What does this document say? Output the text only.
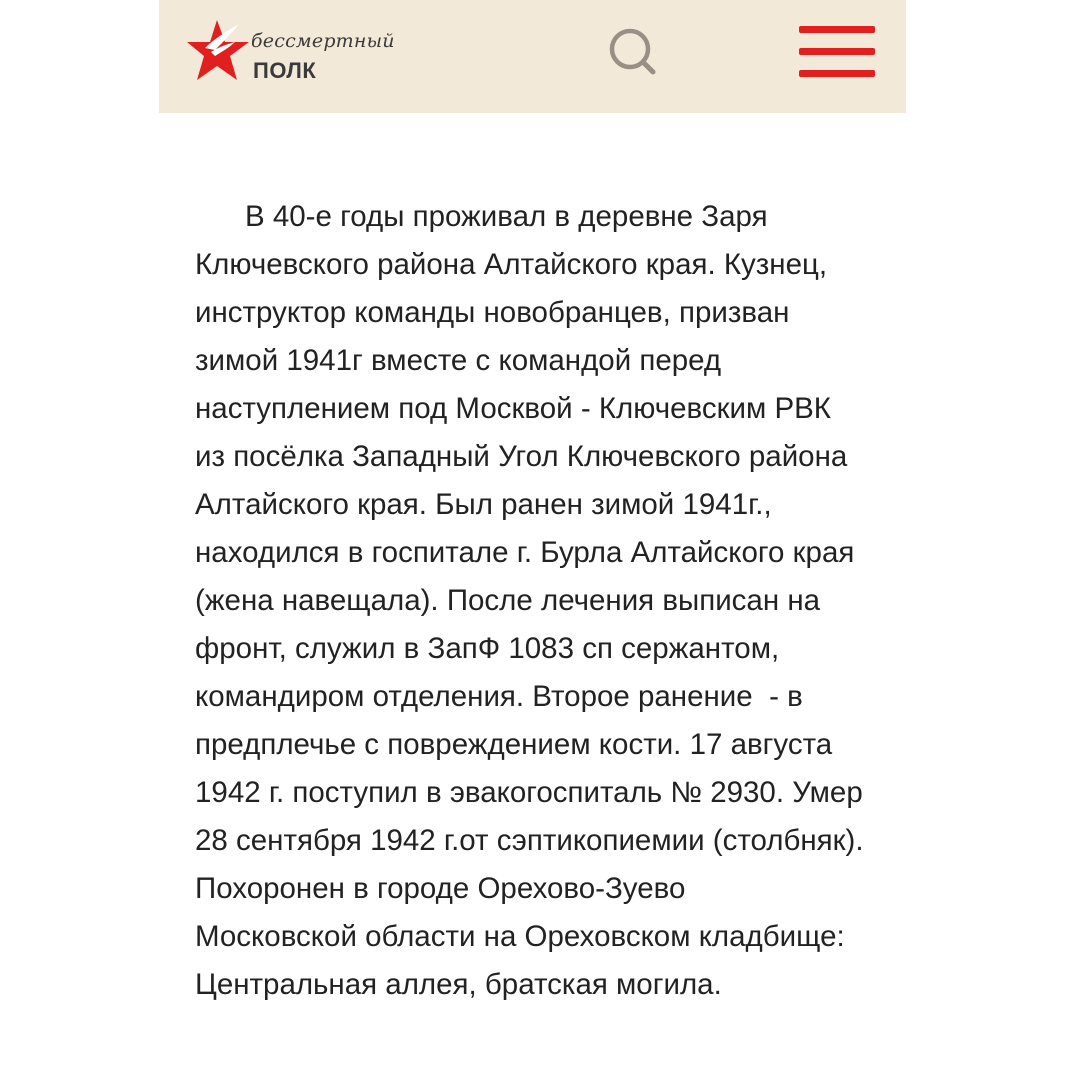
бессмертный
ПОЛК

В 40-е годы проживал в деревне Заря
Ключевского района Алтайского края. Кузнец,
инструктор команды новобранцев, призван
зимой 1941г вместе с командой перед
наступлением под Москвой - Ключевским РВК
из посёлка Западный Угол Ключевского района
Алтайского края. Был ранен зимой 1941г.,
находился в госпитале г. Бурла Алтайского края
(жена навещала). После лечения выписан на
фронт, служил в ЗапФ 1083 сп сержантом,
командиром отделения. Второе ранение  - в
предплечье с повреждением кости. 17 августа
1942 г. поступил в эвакогоспиталь № 2930. Умер
28 сентября 1942 г.от сэптикопиемии (столбняк).
Похоронен в городе Орехово-Зуево
Московской области на Ореховском кладбище:
Центральная аллея, братская могила.
